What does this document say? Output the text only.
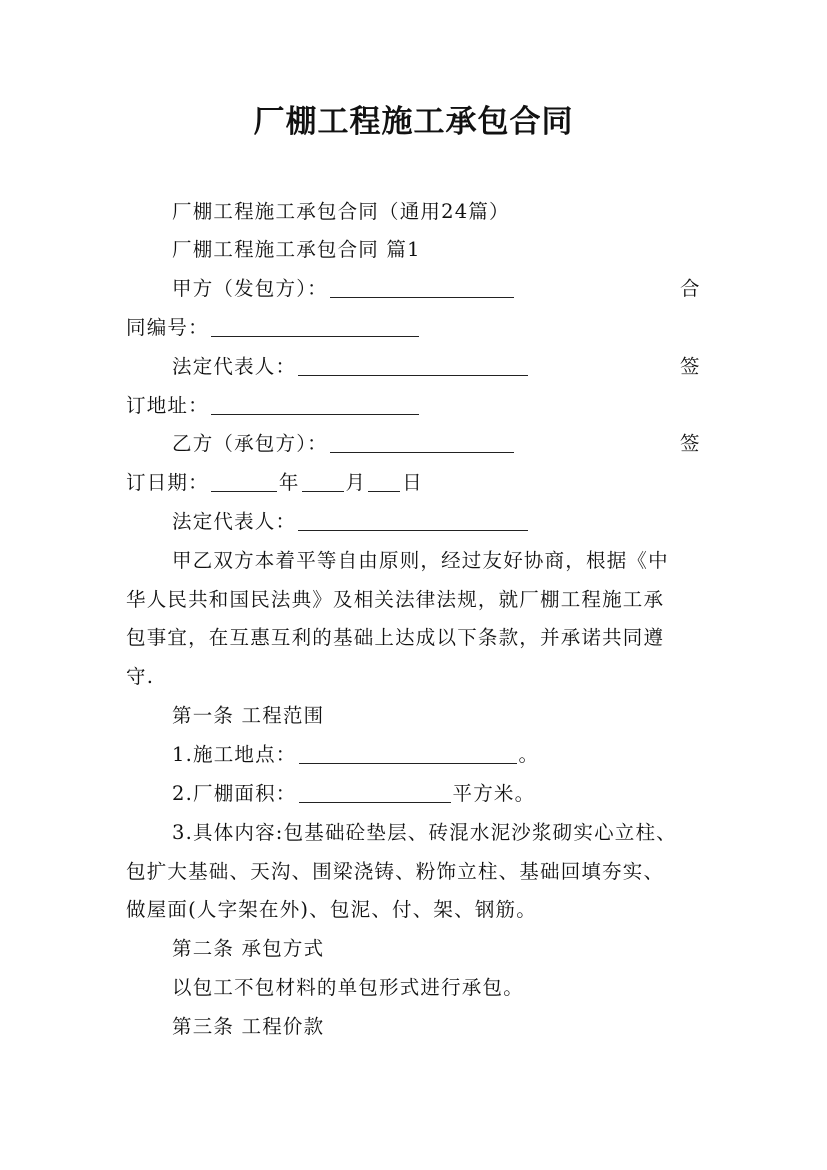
厂棚工程施工承包合同
厂棚工程施工承包合同（通用24篇）
厂棚工程施工承包合同 篇1
甲方（发包方）：	合
同编号：
法定代表人：	签
订地址：
乙方（承包方）：	签
订日期：	年 月 日
法定代表人：
甲乙双方本着平等自由原则，经过友好协商，根据《中
华人民共和国民法典》及相关法律法规，就厂棚工程施工承
包事宜，在互惠互利的基础上达成以下条款，并承诺共同遵
守.
第一条 工程范围
1.施工地点：	。
2.厂棚面积：	平方米。
3.具体内容:包基础砼垫层、砖混水泥沙浆砌实心立柱、
包扩大基础、天沟、围梁浇铸、粉饰立柱、基础回填夯实、
做屋面(人字架在外)、包泥、付、架、钢筋。
第二条 承包方式
以包工不包材料的单包形式进行承包。
第三条 工程价款
